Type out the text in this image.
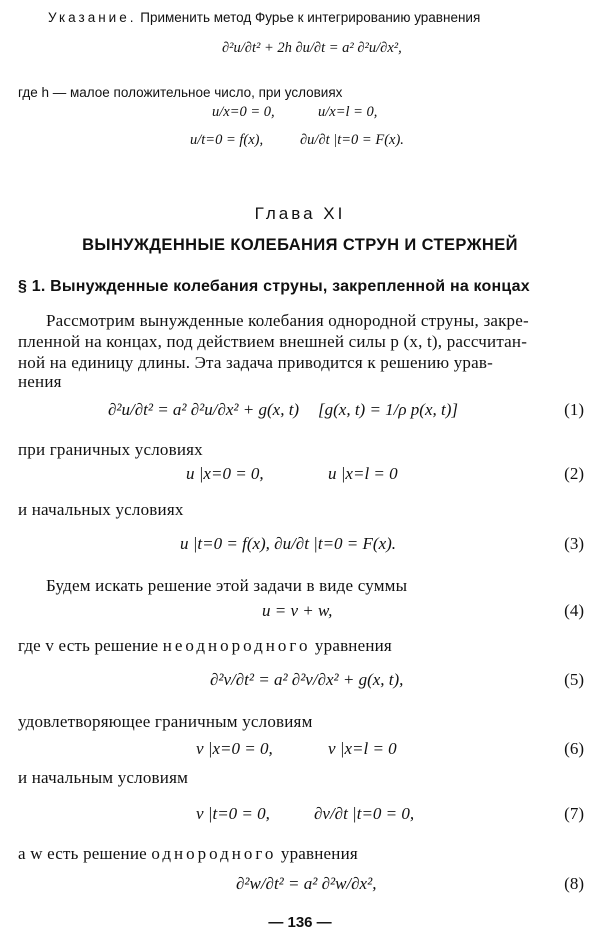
Указание. Применить метод Фурье к интегрированию уравнения
∂²u/∂t² + 2h ∂u/∂t = a² ∂²u/∂x²,
где h — малое положительное число, при условиях
u/x=0 = 0,	u/x=l = 0,
u/t=0 = f(x),	∂u/∂t |t=0 = F(x).
Глава XI
ВЫНУЖДЕННЫЕ КОЛЕБАНИЯ СТРУН И СТЕРЖНЕЙ
§ 1. Вынужденные колебания струны, закрепленной на концах
Рассмотрим вынужденные колебания однородной струны, закре-
пленной на концах, под действием внешней силы p (x, t), рассчитан-
ной на единицу длины. Эта задача приводится к решению урав-
нения
∂²u/∂t² = a² ∂²u/∂x² + g(x, t) [g(x, t) = 1/ρ p(x, t)]	(1)
при граничных условиях
u |x=0 = 0,	u |x=l = 0	(2)
и начальных условиях
u |t=0 = f(x), ∂u/∂t |t=0 = F(x).	(3)
Будем искать решение этой задачи в виде суммы
u = v + w,	(4)
где v есть решение неоднородного уравнения
∂²v/∂t² = a² ∂²v/∂x² + g(x, t),	(5)
удовлетворяющее граничным условиям
v |x=0 = 0,	v |x=l = 0	(6)
и начальным условиям
v |t=0 = 0,	∂v/∂t |t=0 = 0,	(7)
а w есть решение однородного уравнения
∂²w/∂t² = a² ∂²w/∂x²,	(8)
— 136 —
